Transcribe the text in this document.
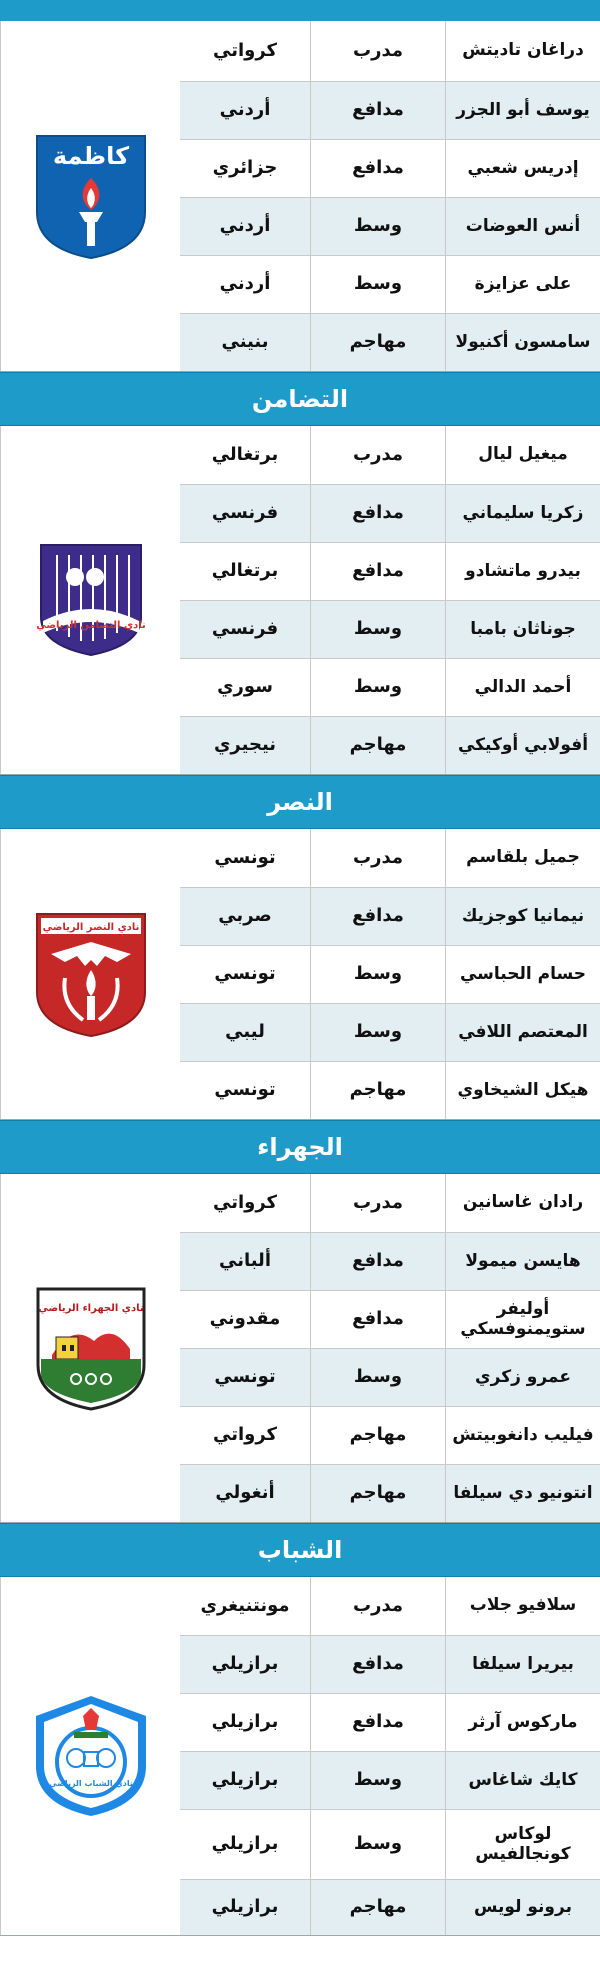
دراغان تاديتش
مدرب
كرواتي
يوسف أبو الجزر
مدافع
أردني
إدريس شعبي
مدافع
جزائري
أنس العوضات
وسط
أردني
على عزايزة
وسط
أردني
سامسون أكنيولا
مهاجم
بنيني
كاظمة
التضامن
ميغيل ليال
مدرب
برتغالي
زكريا سليماني
مدافع
فرنسي
بيدرو ماتشادو
مدافع
برتغالي
جوناثان بامبا
وسط
فرنسي
أحمد الدالي
وسط
سوري
أفولابي أوكيكي
مهاجم
نيجيري
نادي التضامن الرياضي
النصر
جميل بلقاسم
مدرب
تونسي
نيمانيا كوجزيك
مدافع
صربي
حسام الحباسي
وسط
تونسي
المعتصم اللافي
وسط
ليبي
هيكل الشيخاوي
مهاجم
تونسي
نادي النصر الرياضي
الجهراء
رادان غاسانين
مدرب
كرواتي
هايسن ميمولا
مدافع
ألباني
أوليفر ستويمنوفسكي
مدافع
مقدوني
عمرو زكري
وسط
تونسي
فيليب دانغوبيتش
مهاجم
كرواتي
انتونيو دي سيلفا
مهاجم
أنغولي
نادي الجهراء الرياضي
الشباب
سلافيو جلاب
مدرب
مونتنيغري
بيريرا سيلفا
مدافع
برازيلي
ماركوس آرثر
مدافع
برازيلي
كايك شاغاس
وسط
برازيلي
لوكاس كونجالفيس
وسط
برازيلي
برونو لويس
مهاجم
برازيلي
نادي الشباب الرياضي
